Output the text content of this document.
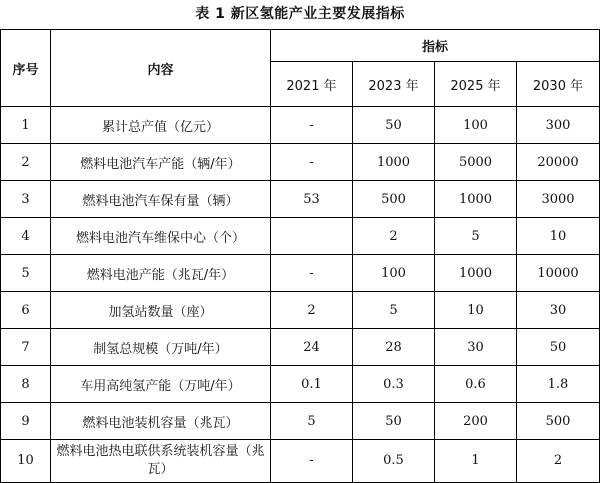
表 1 新区氢能产业主要发展指标
序号	内容	指标			
		2021 年	2023 年	2025 年	2030 年
1	累计总产值（亿元）	-	50	100	300
2	燃料电池汽车产能（辆/年）	-	1000	5000	20000
3	燃料电池汽车保有量（辆）	53	500	1000	3000
4	燃料电池汽车维保中心（个）		2	5	10
5	燃料电池产能（兆瓦/年）	-	100	1000	10000
6	加氢站数量（座）	2	5	10	30
7	制氢总规模（万吨/年）	24	28	30	50
8	车用高纯氢产能（万吨/年）	0.1	0.3	0.6	1.8
9	燃料电池装机容量（兆瓦）	5	50	200	500
10	燃料电池热电联供系统装机容量（兆瓦）	-	0.5	1	2
